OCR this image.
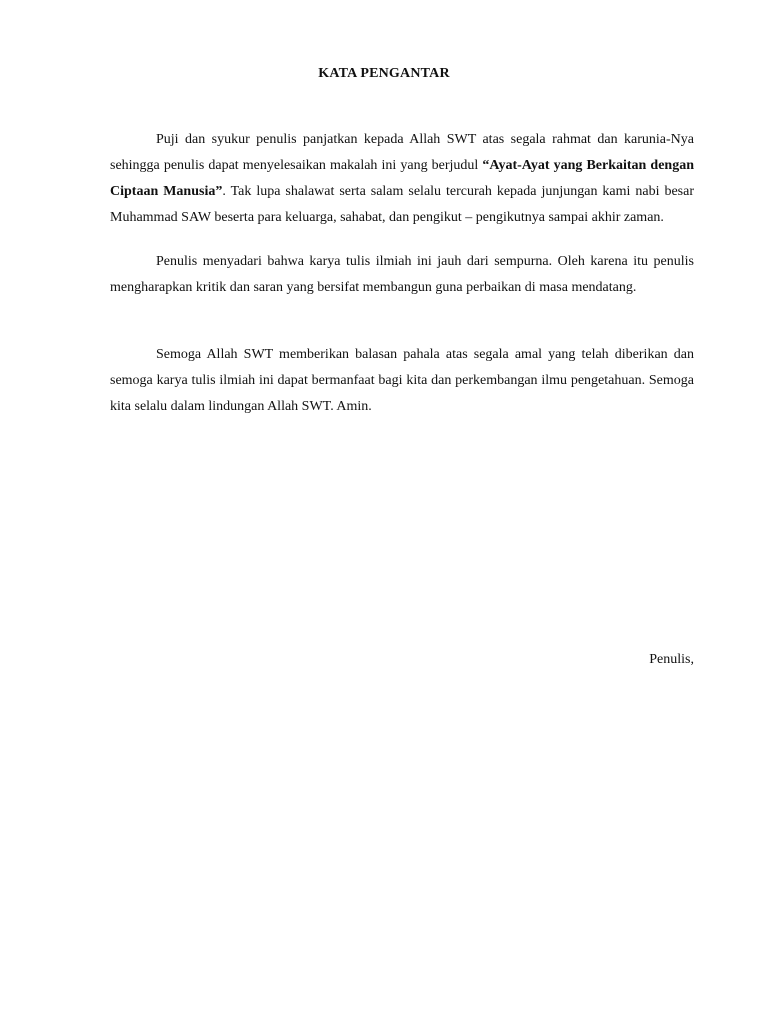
KATA PENGANTAR

Puji dan syukur penulis panjatkan kepada Allah SWT atas segala rahmat dan karunia-Nya sehingga penulis dapat menyelesaikan makalah ini yang berjudul “Ayat-Ayat yang Berkaitan dengan Ciptaan Manusia”. Tak lupa shalawat serta salam selalu tercurah kepada junjungan kami nabi besar Muhammad SAW beserta para keluarga, sahabat, dan pengikut – pengikutnya sampai akhir zaman.

Penulis menyadari bahwa karya tulis ilmiah ini jauh dari sempurna. Oleh karena itu penulis mengharapkan kritik dan saran yang bersifat membangun guna perbaikan di masa mendatang.

Semoga Allah SWT memberikan balasan pahala atas segala amal yang telah diberikan dan semoga karya tulis ilmiah ini dapat bermanfaat bagi kita dan perkembangan ilmu pengetahuan. Semoga kita selalu dalam lindungan Allah SWT. Amin.

Penulis,
